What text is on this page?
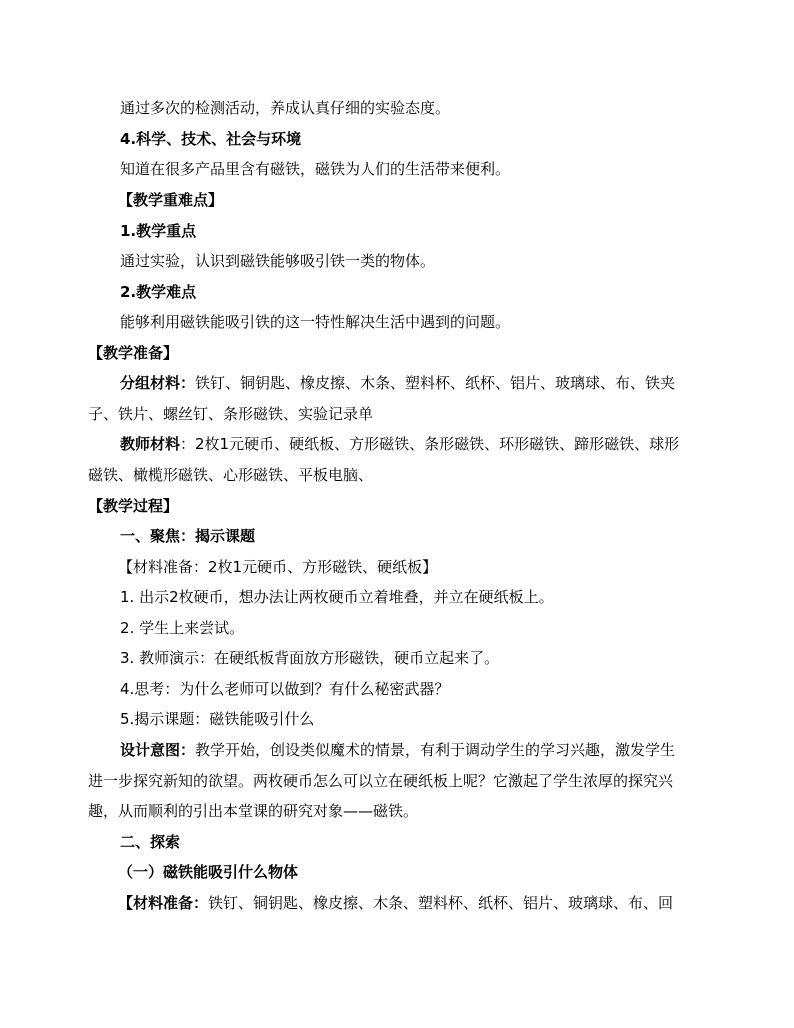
通过多次的检测活动，养成认真仔细的实验态度。
4.科学、技术、社会与环境
知道在很多产品里含有磁铁，磁铁为人们的生活带来便利。
【教学重难点】
1.教学重点
通过实验，认识到磁铁能够吸引铁一类的物体。
2.教学难点
能够利用磁铁能吸引铁的这一特性解决生活中遇到的问题。
【教学准备】
分组材料：铁钉、铜钥匙、橡皮擦、木条、塑料杯、纸杯、铝片、玻璃球、布、铁夹
子、铁片、螺丝钉、条形磁铁、实验记录单
教师材料：2枚1元硬币、硬纸板、方形磁铁、条形磁铁、环形磁铁、蹄形磁铁、球形
磁铁、橄榄形磁铁、心形磁铁、平板电脑、
【教学过程】
一、聚焦：揭示课题
【材料准备：2枚1元硬币、方形磁铁、硬纸板】
1. 出示2枚硬币，想办法让两枚硬币立着堆叠，并立在硬纸板上。
2. 学生上来尝试。
3. 教师演示：在硬纸板背面放方形磁铁，硬币立起来了。
4.思考：为什么老师可以做到？有什么秘密武器？
5.揭示课题：磁铁能吸引什么
设计意图：教学开始，创设类似魔术的情景，有利于调动学生的学习兴趣，激发学生
进一步探究新知的欲望。两枚硬币怎么可以立在硬纸板上呢？它激起了学生浓厚的探究兴
趣，从而顺利的引出本堂课的研究对象——磁铁。
二、探索
（一）磁铁能吸引什么物体
【材料准备：铁钉、铜钥匙、橡皮擦、木条、塑料杯、纸杯、铝片、玻璃球、布、回
